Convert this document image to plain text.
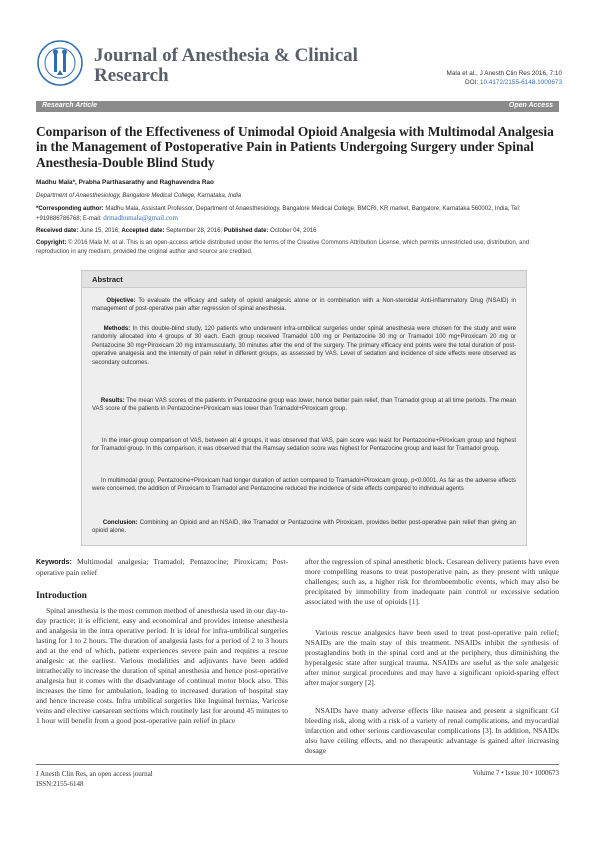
Journal of Anesthesia & Clinical Research	Mala et al., J Anesth Clin Res 2016, 7:10
DOI: 10.4172/2155-6148.1000673
Research Article	Open Access
Comparison of the Effectiveness of Unimodal Opioid Analgesia with Multimodal Analgesia in the Management of Postoperative Pain in Patients Undergoing Surgery under Spinal Anesthesia-Double Blind Study
Madhu Mala*, Prabha Parthasarathy and Raghavendra Rao
Department of Anaesthesiology, Bangalore Medical College, Karnataka, India
*Corresponding author: Madhu Mala, Assistant Professor, Department of Anaesthesiology, Bangalore Medical College, BMCRI, KR market, Bangalore, Karnataka 560002, India, Tel: +919886786768; E-mail: drmadhumala@gmail.com
Received date: June 15, 2016; Accepted date: September 28, 2016; Published date: October 04, 2016
Copyright: © 2016 Mala M, et al. This is an open-access article distributed under the terms of the Creative Commons Attribution License, which permits unrestricted use, distribution, and reproduction in any medium, provided the original author and source are credited.
Abstract
Objective: To evaluate the efficacy and safety of opioid analgesic alone or in combination with a Non-steroidal Anti-inflammatory Drug (NSAID) in management of post-operative pain after regression of spinal anesthesia.
Methods: In this double-blind study, 120 patients who underwent infra-umbilical surgeries under spinal anesthesia were chosen for the study and were randomly allocated into 4 groups of 30 each. Each group received Tramadol 100 mg or Pentazocine 30 mg or Tramadol 100 mg+Piroxicam 20 mg or Pentazocine 30 mg+Piroxicam 20 mg intramuscularly, 30 minutes after the end of the surgery. The primary efficacy end points were the total duration of post-operative analgesia and the intensity of pain relief in different groups, as assessed by VAS. Level of sedation and incidence of side effects were observed as secondary outcomes.
Results: The mean VAS scores of the patients in Pentazocine group was lower, hence better pain relief, than Tramadol group at all time periods. The mean VAS score of the patients in Pentazocine+Piroxicam was lower than Tramadol+Piroxicam group.
In the inter-group comparison of VAS, between all 4 groups, it was observed that VAS, pain score was least for Pentazocine+Piroxicam group and highest for Tramadol group. In this comparison, it was observed that the Ramsay sedation score was highest for Pentazocine group and least for Tramadol group.
In multimodal group, Pentazocine+Piroxicam had longer duration of action compared to Tramadol+Piroxicam group, p<0.0001. As far as the adverse effects were concerned, the addition of Piroxicam to Tramadol and Pentazocine reduced the incidence of side effects compared to individual agents
Conclusion: Combining an Opioid and an NSAID, like Tramadol or Pentazocine with Piroxicam, provides better post-operative pain relief than giving an opioid alone.
Keywords: Multimodal analgesia; Tramadol; Pentazocine; Piroxicam; Post-operative pain relief
Introduction
Spinal anesthesia is the most common method of anesthesia used in our day-to-day practice; it is efficient, easy and economical and provides intense anesthesia and analgesia in the intra operative period. It is ideal for infra-umbilical surgeries lasting for 1 to 2 hours. The duration of analgesia lasts for a period of 2 to 3 hours and at the end of which, patient experiences severe pain and requires a rescue analgesic at the earliest. Various modalities and adjuvants have been added intrathecally to increase the duration of spinal anesthesia and hence post-operative analgesia but it comes with the disadvantage of continual motor block also. This increases the time for ambulation, leading to increased duration of hospital stay and hence increase costs. Infra umbilical surgeries like Inguinal hernias, Varicose veins and elective caesarean sections which routinely last for around 45 minutes to 1 hour will benefit from a good post-operative pain relief in place
after the regression of spinal anesthetic block. Cesarean delivery patients have even more compelling reasons to treat postoperative pain, as they present with unique challenges; such as, a higher risk for thromboembolic events, which may also be precipitated by immobility from inadequate pain control or excessive sedation associated with the use of opioids [1].
Various rescue analgesics have been used to treat post-operative pain relief; NSAIDs are the main stay of this treatment. NSAIDs inhibit the synthesis of prostaglandins both in the spinal cord and at the periphery, thus diminishing the hyperalgesic state after surgical trauma. NSAIDs are useful as the sole analgesic after minor surgical procedures and may have a significant opioid-sparing effect after major surgery [2].
NSAIDs have many adverse effects like nausea and present a significant GI bleeding risk, along with a risk of a variety of renal complications, and myocardial infarction and other serious cardiovascular complications [3]. In addition, NSAIDs also have ceiling effects, and no therapeutic advantage is gained after increasing dosage
J Anesth Clin Res, an open access journal
ISSN:2155-6148
Volume 7 • Issue 10 • 1000673
